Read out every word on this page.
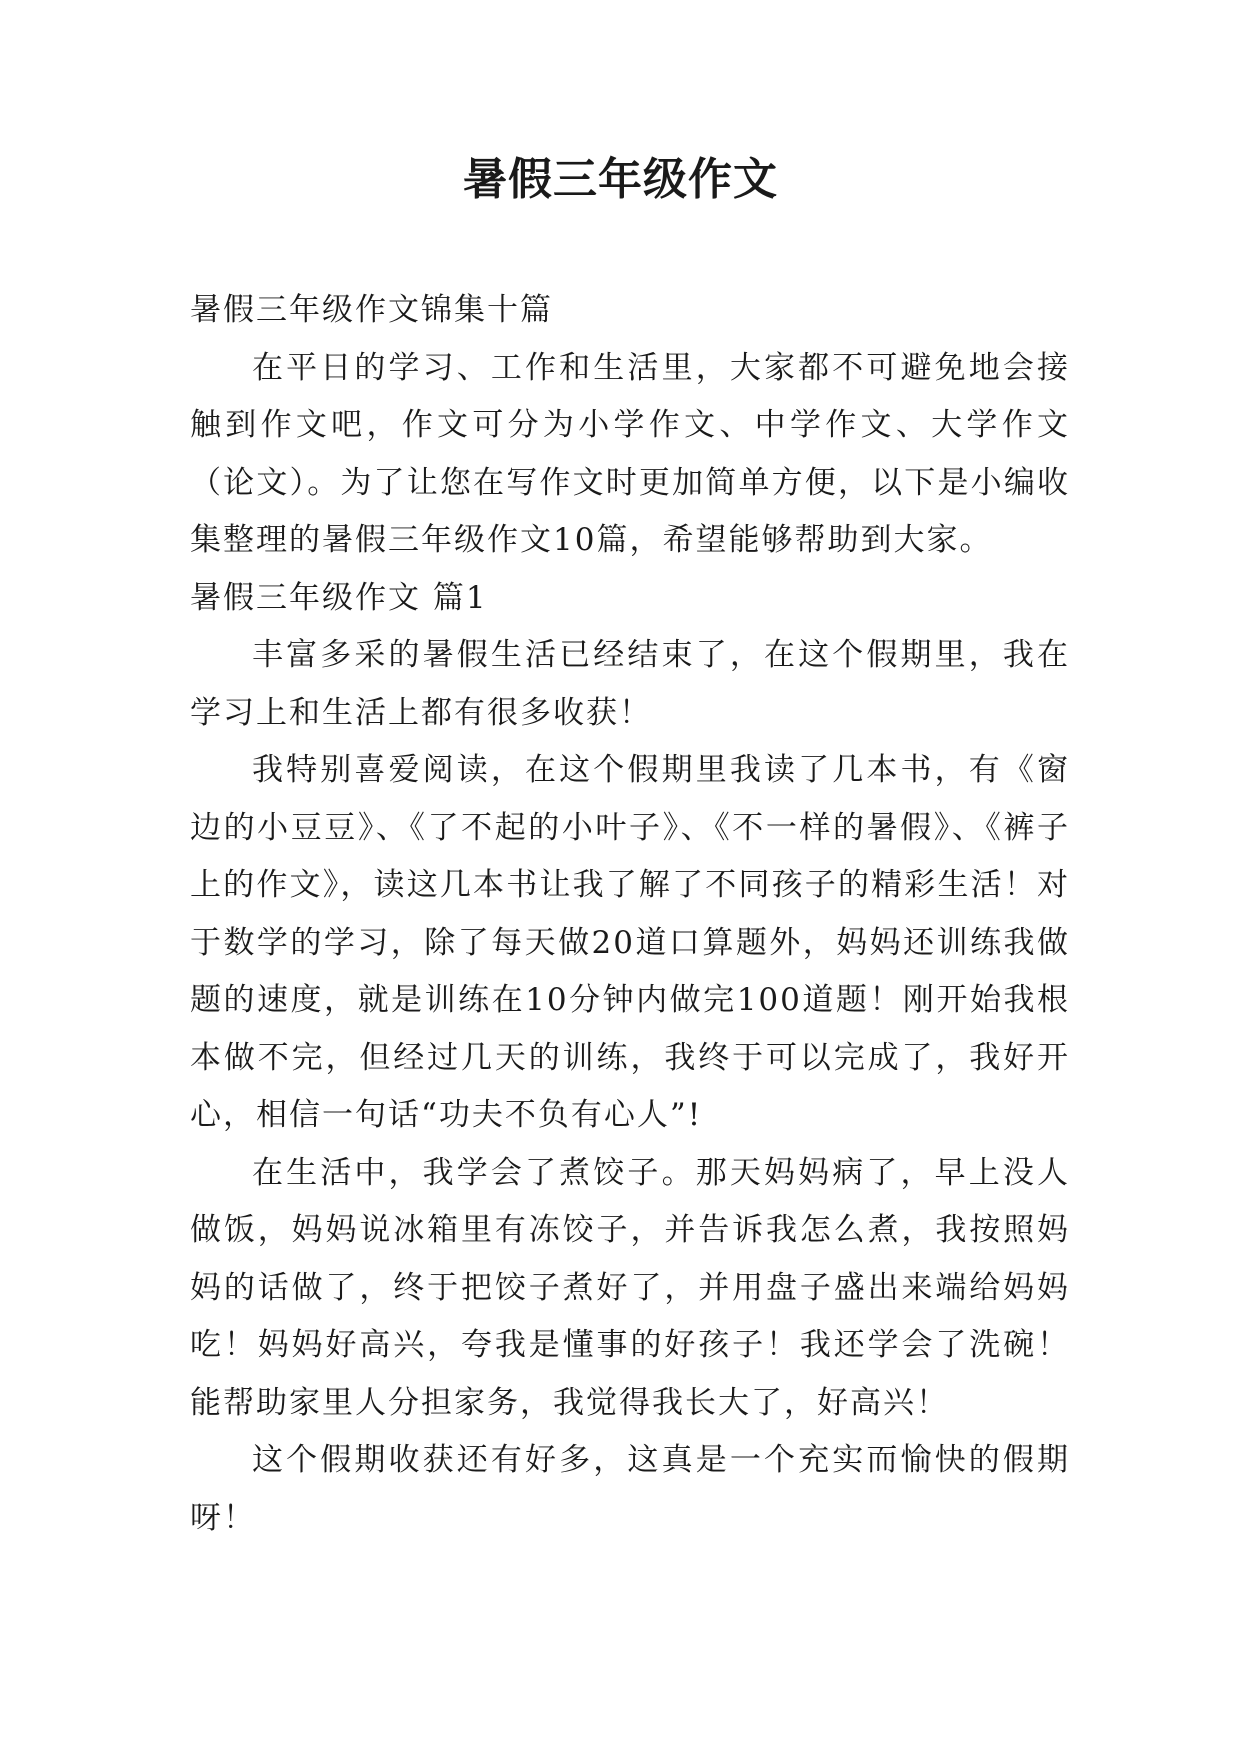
暑假三年级作文

暑假三年级作文锦集十篇

在平日的学习、工作和生活里，大家都不可避免地会接触到作文吧，作文可分为小学作文、中学作文、大学作文（论文）。为了让您在写作文时更加简单方便，以下是小编收集整理的暑假三年级作文10篇，希望能够帮助到大家。

暑假三年级作文 篇1

丰富多采的暑假生活已经结束了，在这个假期里，我在学习上和生活上都有很多收获！

我特别喜爱阅读，在这个假期里我读了几本书，有《窗边的小豆豆》、《了不起的小叶子》、《不一样的暑假》、《裤子上的作文》，读这几本书让我了解了不同孩子的精彩生活！对于数学的学习，除了每天做20道口算题外，妈妈还训练我做题的速度，就是训练在10分钟内做完100道题！刚开始我根本做不完，但经过几天的训练，我终于可以完成了，我好开心，相信一句话“功夫不负有心人”!

在生活中，我学会了煮饺子。那天妈妈病了，早上没人做饭，妈妈说冰箱里有冻饺子，并告诉我怎么煮，我按照妈妈的话做了，终于把饺子煮好了，并用盘子盛出来端给妈妈吃！妈妈好高兴，夸我是懂事的好孩子！我还学会了洗碗！能帮助家里人分担家务，我觉得我长大了，好高兴！

这个假期收获还有好多，这真是一个充实而愉快的假期呀！
